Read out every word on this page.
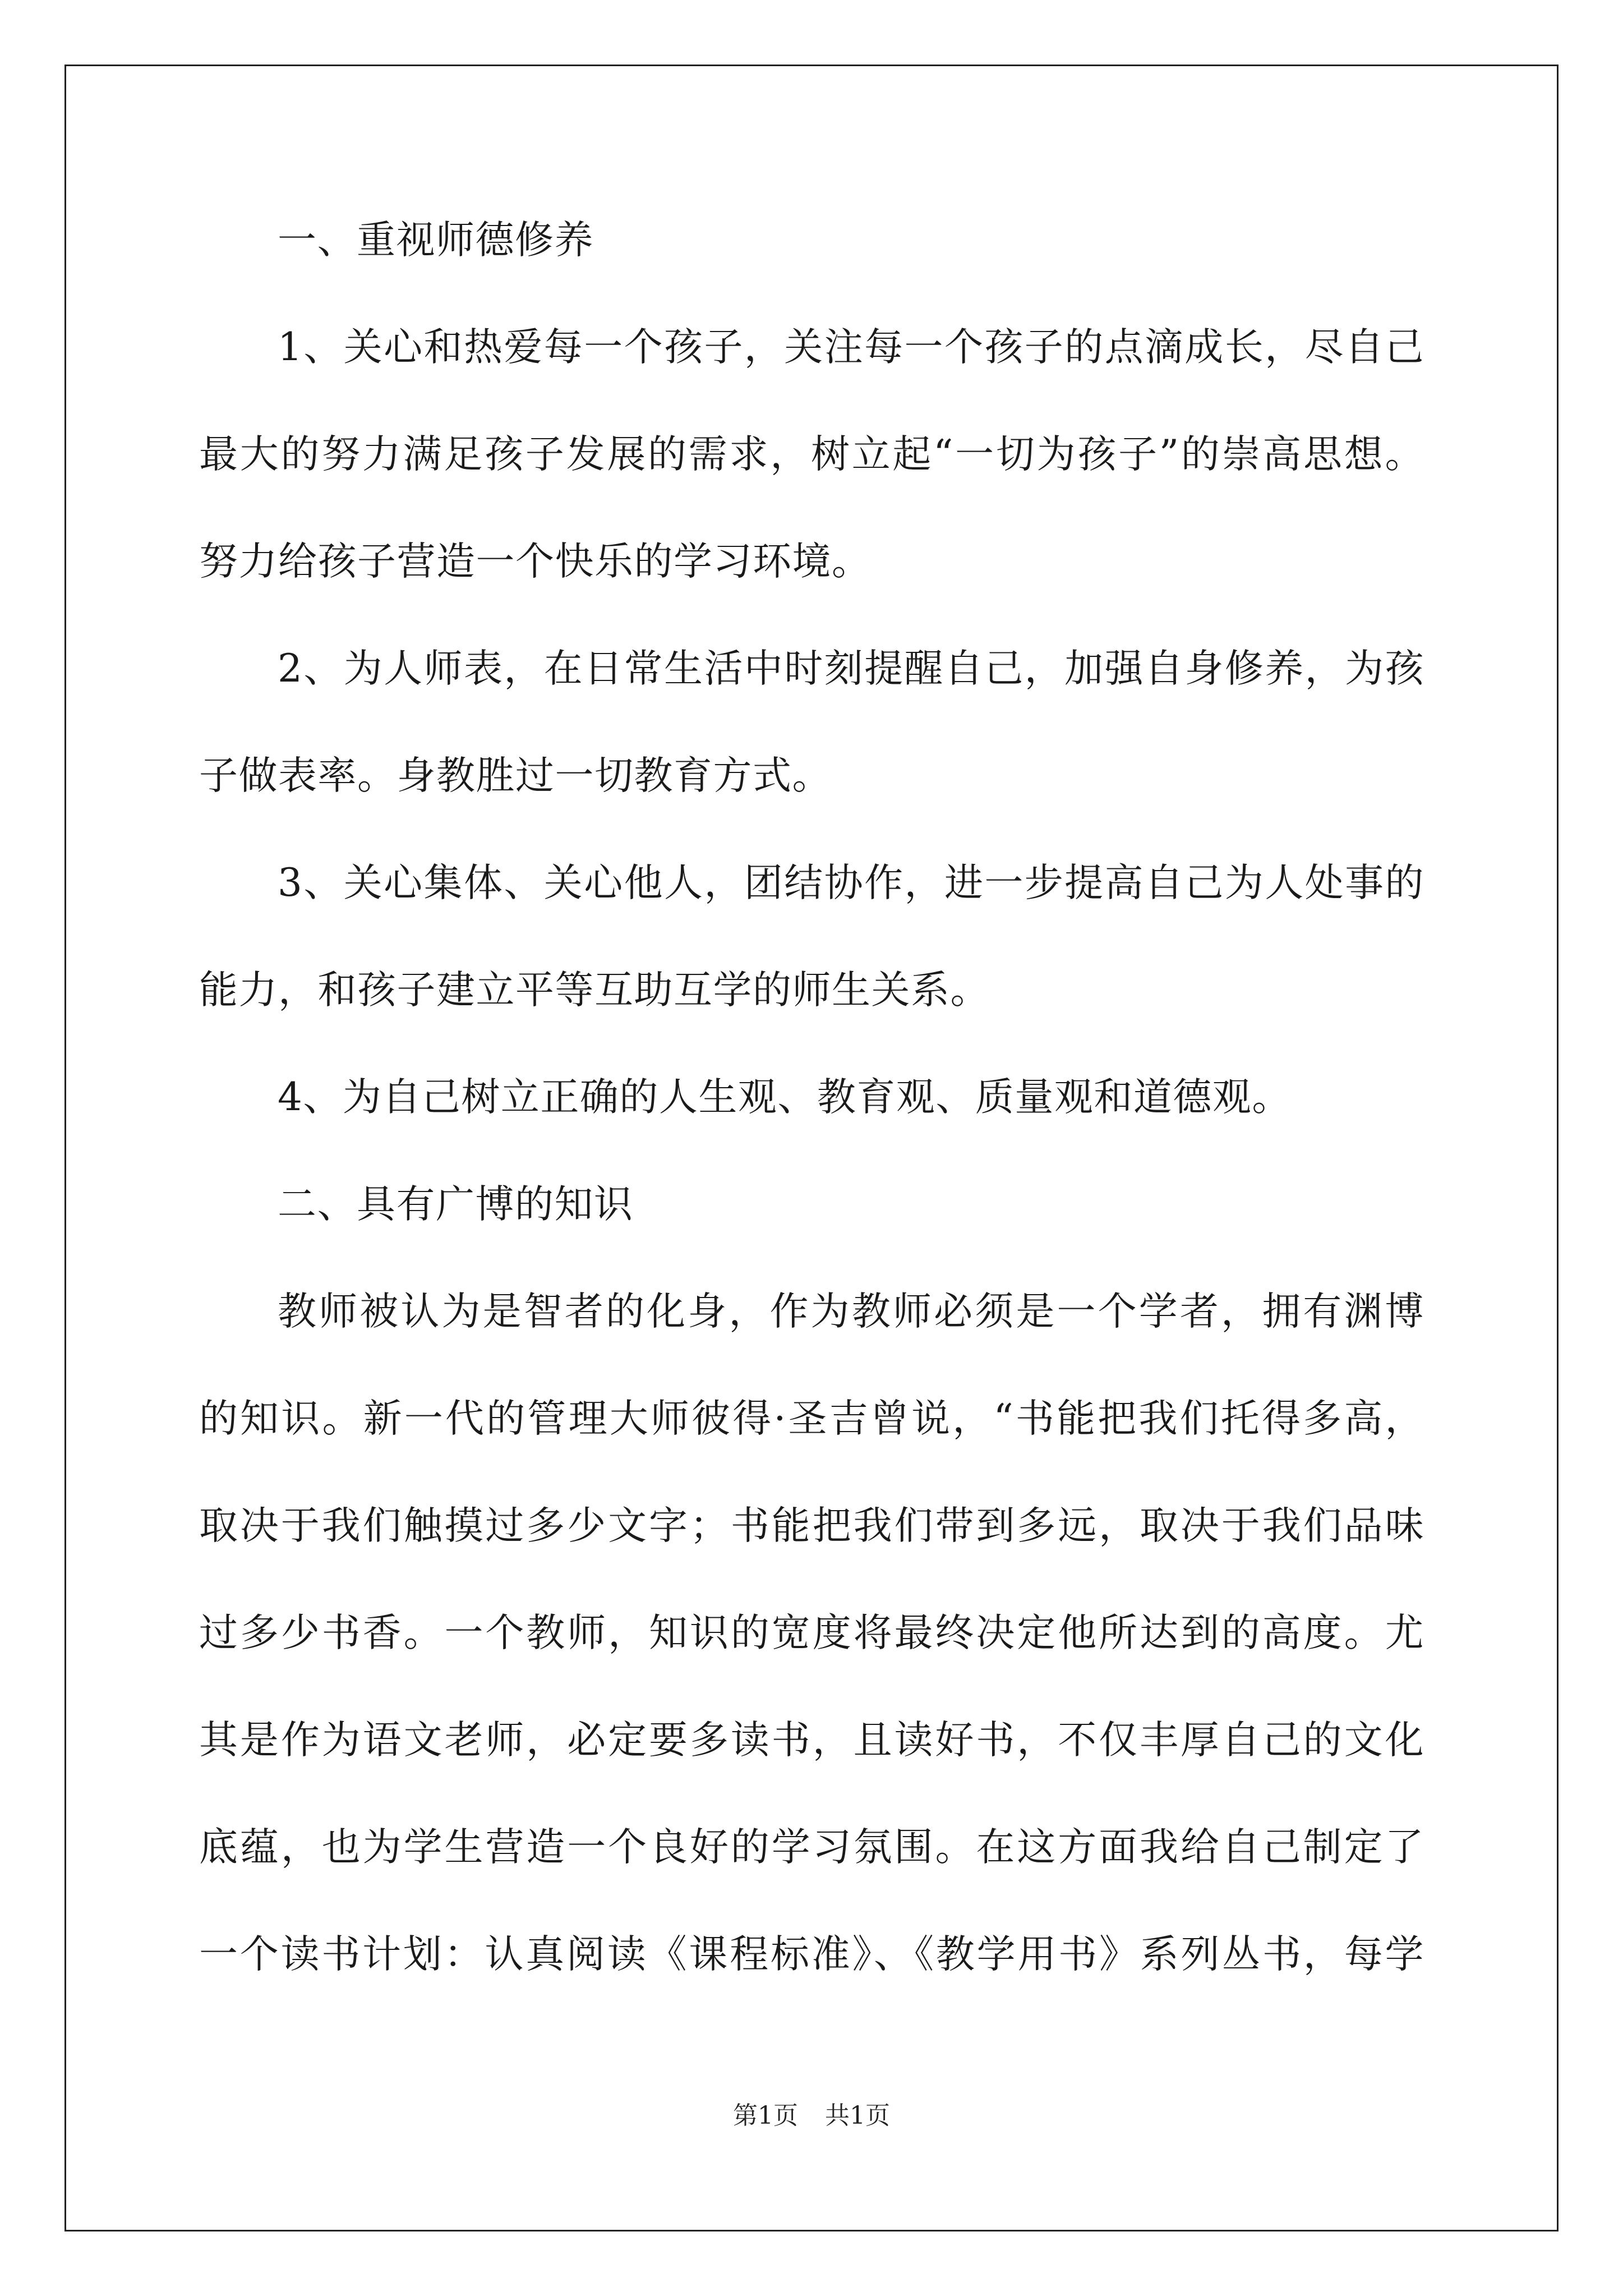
一、重视师德修养

1、关心和热爱每一个孩子，关注每一个孩子的点滴成长，尽自己

最大的努力满足孩子发展的需求，树立起“一切为孩子”的崇高思想。

努力给孩子营造一个快乐的学习环境。

2、为人师表，在日常生活中时刻提醒自己，加强自身修养，为孩

子做表率。身教胜过一切教育方式。

3、关心集体、关心他人，团结协作，进一步提高自己为人处事的

能力，和孩子建立平等互助互学的师生关系。

4、为自己树立正确的人生观、教育观、质量观和道德观。

二、具有广博的知识

教师被认为是智者的化身，作为教师必须是一个学者，拥有渊博

的知识。新一代的管理大师彼得·圣吉曾说，“书能把我们托得多高，

取决于我们触摸过多少文字；书能把我们带到多远，取决于我们品味

过多少书香。一个教师，知识的宽度将最终决定他所达到的高度。尤

其是作为语文老师，必定要多读书，且读好书，不仅丰厚自己的文化

底蕴，也为学生营造一个良好的学习氛围。在这方面我给自己制定了

一个读书计划：认真阅读《课程标准》、《教学用书》系列丛书，每学

第1页 共1页
